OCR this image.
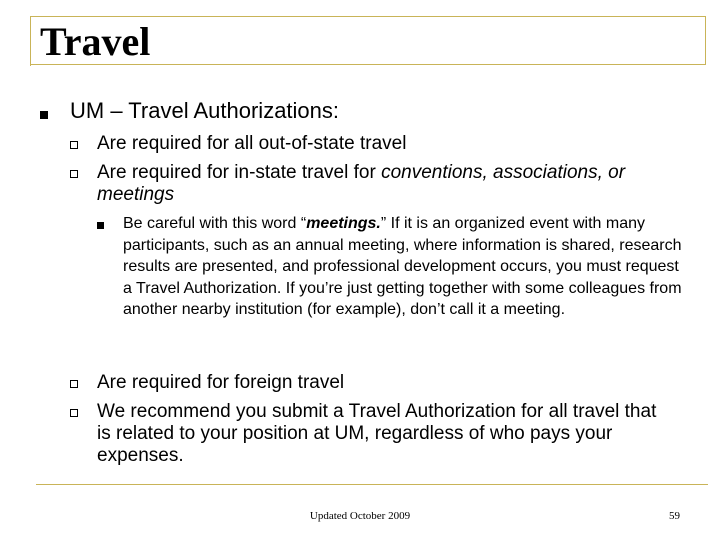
Travel
UM – Travel Authorizations:
Are required for all out-of-state travel
Are required for in-state travel for conventions, associations, or meetings
Be careful with this word “meetings.” If it is an organized event with many participants, such as an annual meeting, where information is shared, research results are presented, and professional development occurs, you must request a Travel Authorization. If you’re just getting together with some colleagues from another nearby institution (for example), don’t call it a meeting.
Are required for foreign travel
We recommend you submit a Travel Authorization for all travel that is related to your position at UM, regardless of who pays your expenses.
Updated October 2009	59
